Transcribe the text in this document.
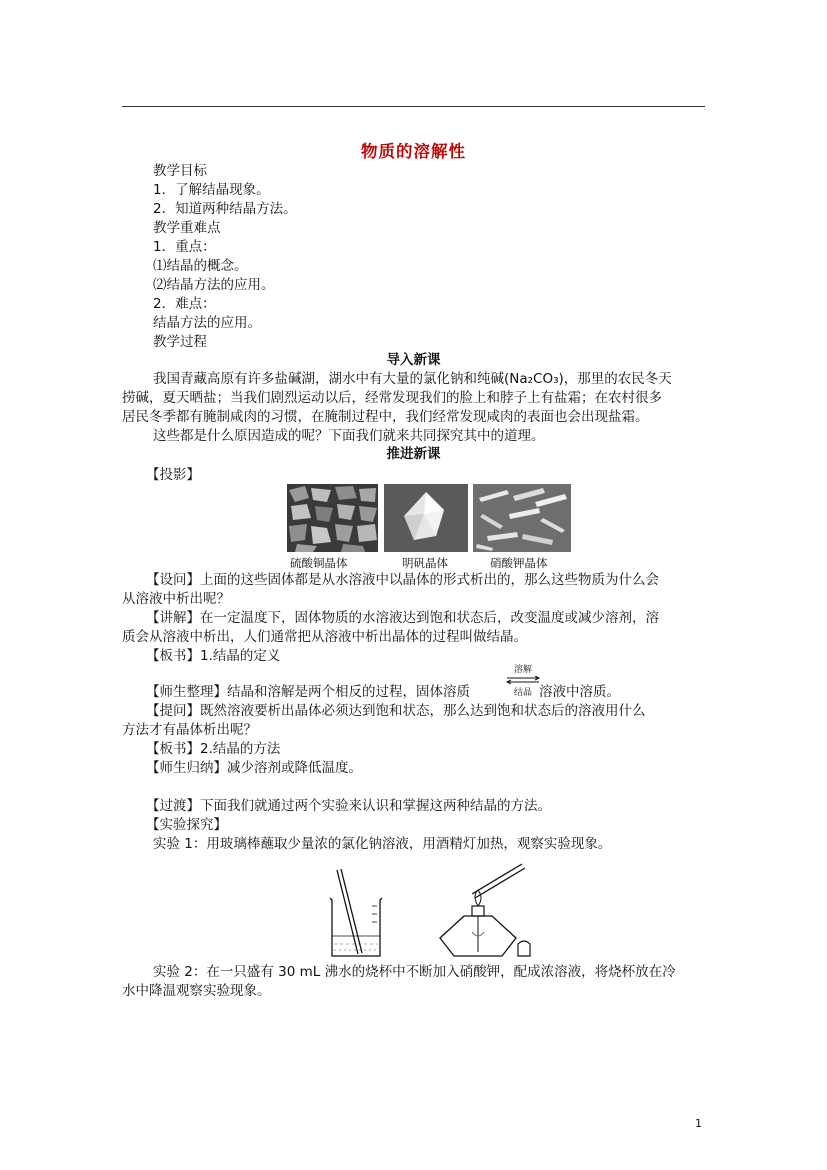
物质的溶解性
教学目标
1．了解结晶现象。
2．知道两种结晶方法。
教学重难点
1．重点：
⑴结晶的概念。
⑵结晶方法的应用。
2．难点：
结晶方法的应用。
教学过程
导入新课
我国青藏高原有许多盐碱湖，湖水中有大量的氯化钠和纯碱(Na₂CO₃)，那里的农民冬天
捞碱，夏天晒盐；当我们剧烈运动以后，经常发现我们的脸上和脖子上有盐霜；在农村很多
居民冬季都有腌制咸肉的习惯，在腌制过程中，我们经常发现咸肉的表面也会出现盐霜。
这些都是什么原因造成的呢？下面我们就来共同探究其中的道理。
推进新课
【投影】
硫酸铜晶体	明矾晶体	硝酸钾晶体
【设问】上面的这些固体都是从水溶液中以晶体的形式析出的，那么这些物质为什么会
从溶液中析出呢？
【讲解】在一定温度下，固体物质的水溶液达到饱和状态后，改变温度或减少溶剂，溶
质会从溶液中析出，人们通常把从溶液中析出晶体的过程叫做结晶。
【板书】1.结晶的定义
【师生整理】结晶和溶解是两个相反的过程，固体溶质
溶解
结晶 溶液中溶质。
【提问】既然溶液要析出晶体必须达到饱和状态，那么达到饱和状态后的溶液用什么
方法才有晶体析出呢？
【板书】2.结晶的方法
【师生归纳】减少溶剂或降低温度。
【过渡】下面我们就通过两个实验来认识和掌握这两种结晶的方法。
【实验探究】
实验 1：用玻璃棒蘸取少量浓的氯化钠溶液，用酒精灯加热，观察实验现象。
实验 2：在一只盛有 30 mL 沸水的烧杯中不断加入硝酸钾，配成浓溶液，将烧杯放在冷
水中降温观察实验现象。
1
